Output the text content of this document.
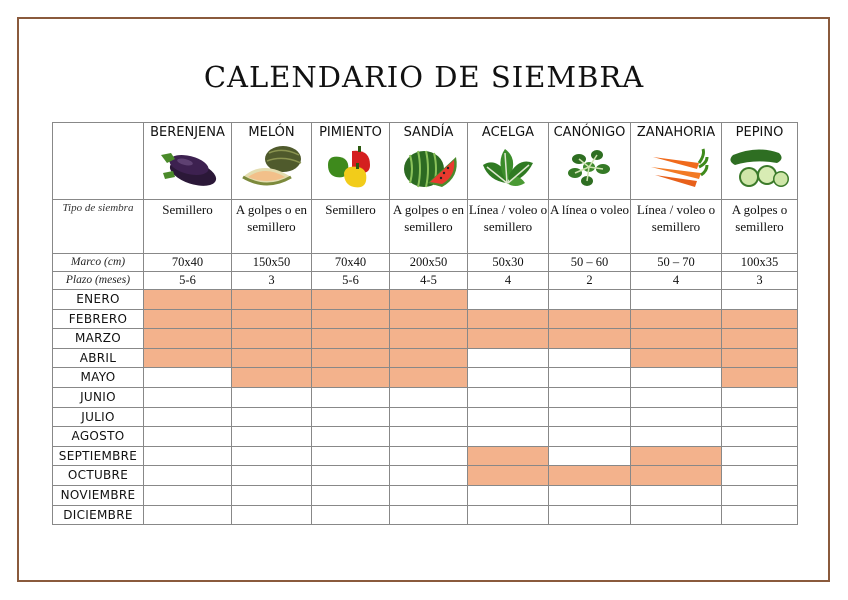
CALENDARIO DE SIEMBRA

	BERENJENA	MELÓN	PIMIENTO	SANDÍA	ACELGA	CANÓNIGO	ZANAHORIA	PEPINO

Tipo de siembra	Semillero	A golpes o en semillero	Semillero	A golpes o en semillero	Línea / voleo o semillero	A línea o voleo	Línea / voleo o semillero	A golpes o semillero
Marco (cm)	70x40	150x50	70x40	200x50	50x30	50 – 60	50 – 70	100x35
Plazo (meses)	5-6	3	5-6	4-5	4	2	4	3
ENERO								
FEBRERO								
MARZO								
ABRIL								
MAYO								
JUNIO								
JULIO								
AGOSTO								
SEPTIEMBRE								
OCTUBRE								
NOVIEMBRE								
DICIEMBRE								
